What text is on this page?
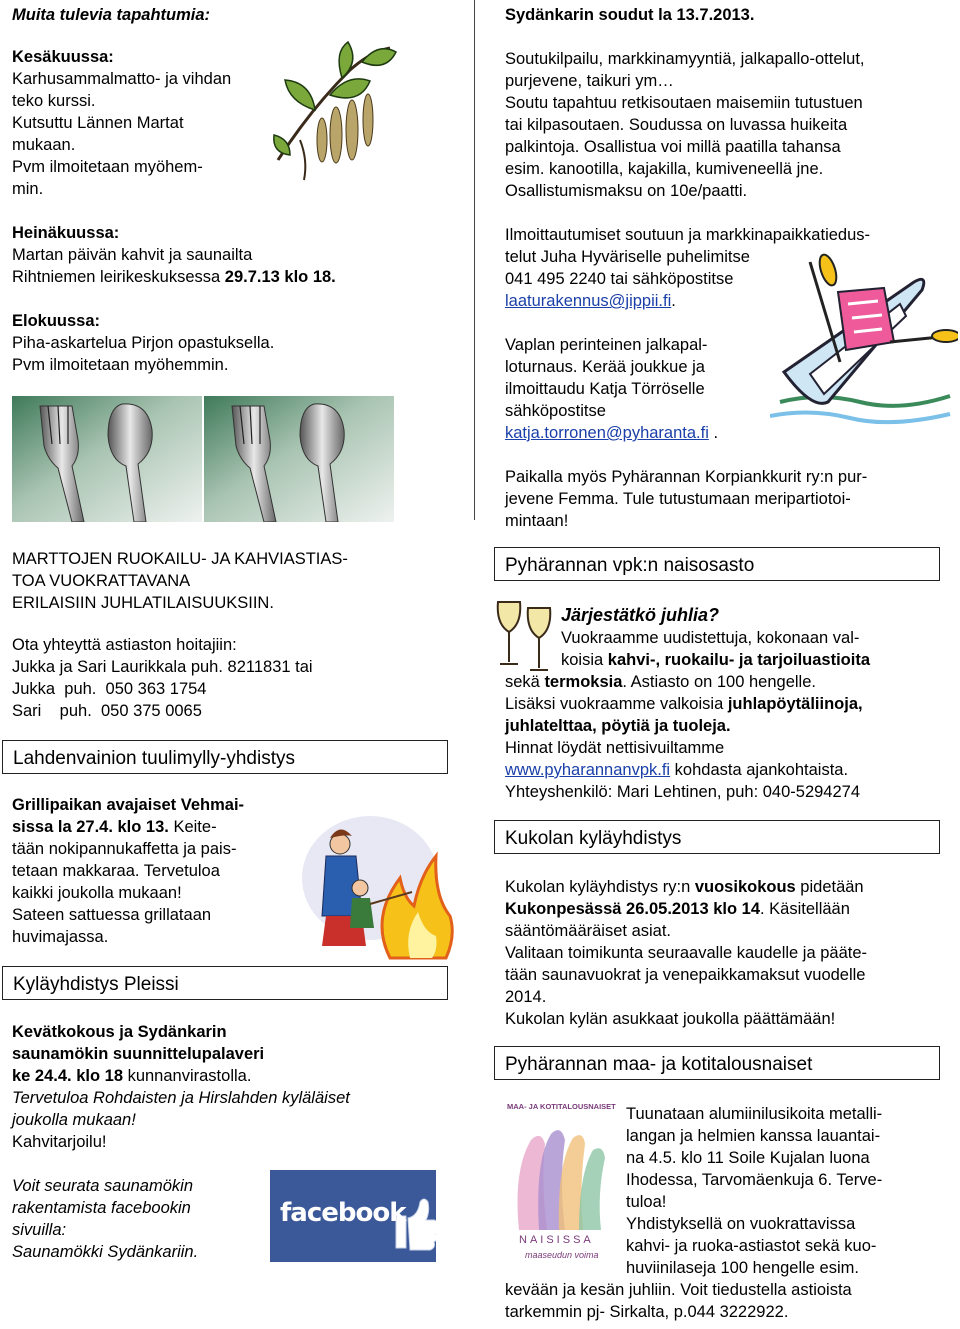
Muita tulevia tapahtumia:

Kesäkuussa:

Karhusammalmatto- ja vihdan

teko kurssi.

Kutsuttu Lännen Martat

mukaan.

Pvm ilmoitetaan myöhem-

min.

Heinäkuussa:

Martan päivän kahvit ja saunailta

Rihtniemen leirikeskuksessa 29.7.13 klo 18.

Elokuussa:

Piha-askartelua Pirjon opastuksella.

Pvm ilmoitetaan myöhemmin.

MARTTOJEN RUOKAILU- JA KAHVIASTIAS-

TOA VUOKRATTAVANA

ERILAISIIN JUHLATILAISUUKSIIN.

Ota yhteyttä astiaston hoitajiin:

Jukka ja Sari Laurikkala puh. 8211831 tai

Jukka  puh.  050 363 1754

Sari    puh.  050 375 0065

Lahdenvainion tuulimylly-yhdistys

Grillipaikan avajaiset Vehmai-

sissa la 27.4. klo 13. Keite-

tään nokipannukaffetta ja pais-

tetaan makkaraa. Tervetuloa

kaikki joukolla mukaan!

Sateen sattuessa grillataan

huvimajassa.

Kyläyhdistys Pleissi

Kevätkokous ja Sydänkarin

saunamökin suunnittelupalaveri

ke 24.4. klo 18 kunnanvirastolla.

Tervetuloa Rohdaisten ja Hirslahden kyläläiset

joukolla mukaan!

Kahvitarjoilu!

Voit seurata saunamökin

rakentamista facebookin

sivuilla:

Saunamökki Sydänkariin.

facebook

Sydänkarin soudut la 13.7.2013.

Soutukilpailu, markkinamyyntiä, jalkapallo-ottelut,

purjevene, taikuri ym…

Soutu tapahtuu retkisoutaen maisemiin tutustuen

tai kilpasoutaen. Soudussa on luvassa huikeita

palkintoja. Osallistua voi millä paatilla tahansa

esim. kanootilla, kajakilla, kumiveneellä jne.

Osallistumismaksu on 10e/paatti.

Ilmoittautumiset soutuun ja markkinapaikkatiedus-

telut Juha Hyväriselle puhelimitse

041 495 2240 tai sähköpostitse

laaturakennus@jippii.fi.

Vaplan perinteinen jalkapal-

loturnaus. Kerää joukkue ja

ilmoittaudu Katja Törröselle

sähköpostitse

katja.torronen@pyharanta.fi .

Paikalla myös Pyhärannan Korpiankkurit ry:n pur-

jevene Femma. Tule tutustumaan meripartiotoi-

mintaan!

Pyhärannan vpk:n naisosasto

Järjestätkö juhlia?

Vuokraamme uudistettuja, kokonaan val-

koisia kahvi-, ruokailu- ja tarjoiluastioita

sekä termoksia. Astiasto on 100 hengelle.

Lisäksi vuokraamme valkoisia juhlapöytäliinoja,

juhlatelttaa, pöytiä ja tuoleja.

Hinnat löydät nettisivuiltamme

www.pyharannanvpk.fi kohdasta ajankohtaista.

Yhteyshenkilö: Mari Lehtinen, puh: 040-5294274

Kukolan kyläyhdistys

Kukolan kyläyhdistys ry:n vuosikokous pidetään

Kukonpesässä 26.05.2013 klo 14. Käsitellään

sääntömääräiset asiat.

Valitaan toimikunta seuraavalle kaudelle ja pääte-

tään saunavuokrat ja venepaikkamaksut vuodelle

2014.

Kukolan kylän asukkaat joukolla päättämään!

Pyhärannan maa- ja kotitalousnaiset
MAA- JA KOTITALOUSNAISET
NAISISSA
maaseudun voima

Tuunataan alumiinilusikoita metalli-

langan ja helmien kanssa lauantai-

na 4.5. klo 11 Soile Kujalan luona

Ihodessa, Tarvomäenkuja 6. Terve-

tuloa!

Yhdistyksellä on vuokrattavissa

kahvi- ja ruoka-astiastot sekä kuo-

huviinilaseja 100 hengelle esim.

kevään ja kesän juhliin. Voit tiedustella astioista

tarkemmin pj- Sirkalta, p.044 3222922.
